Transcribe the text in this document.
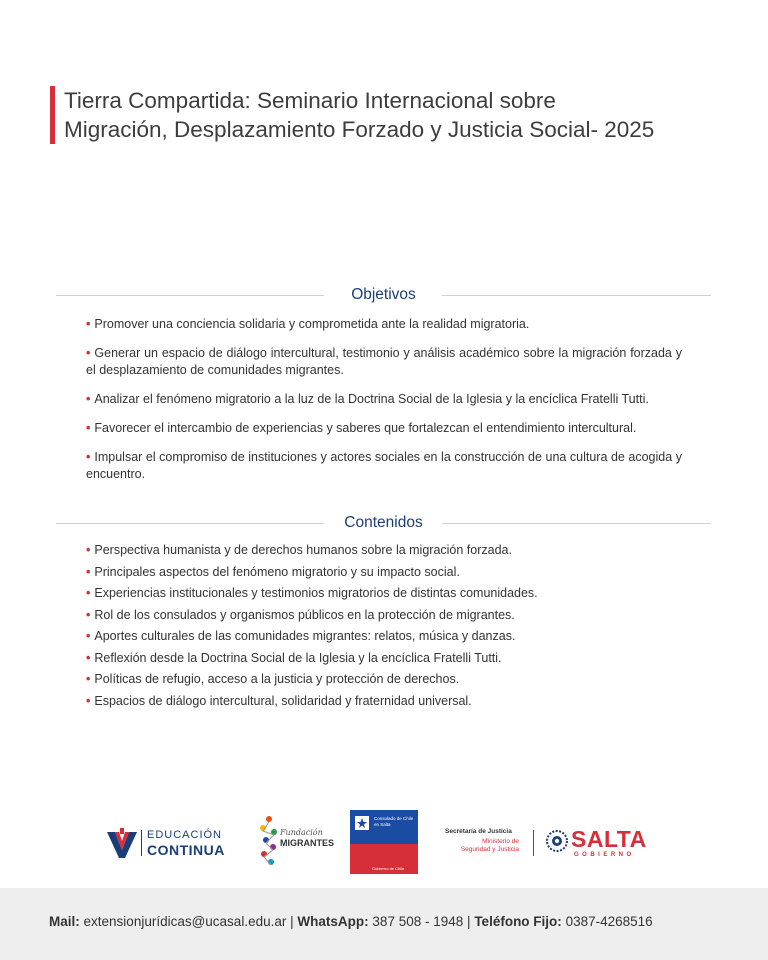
Tierra Compartida: Seminario Internacional sobre
Migración, Desplazamiento Forzado y Justicia Social- 2025
Objetivos
• Promover una conciencia solidaria y comprometida ante la realidad migratoria.
• Generar un espacio de diálogo intercultural, testimonio y análisis académico sobre la migración forzada y el desplazamiento de comunidades migrantes.
• Analizar el fenómeno migratorio a la luz de la Doctrina Social de la Iglesia y la encíclica Fratelli Tutti.
• Favorecer el intercambio de experiencias y saberes que fortalezcan el entendimiento intercultural.
• Impulsar el compromiso de instituciones y actores sociales en la construcción de una cultura de acogida y encuentro.
Contenidos
• Perspectiva humanista y de derechos humanos sobre la migración forzada.
• Principales aspectos del fenómeno migratorio y su impacto social.
• Experiencias institucionales y testimonios migratorios de distintas comunidades.
• Rol de los consulados y organismos públicos en la protección de migrantes.
• Aportes culturales de las comunidades migrantes: relatos, música y danzas.
• Reflexión desde la Doctrina Social de la Iglesia y la encíclica Fratelli Tutti.
• Políticas de refugio, acceso a la justicia y protección de derechos.
• Espacios de diálogo intercultural, solidaridad y fraternidad universal.
EDUCACIÓN
CONTINUA
Fundación
MIGRANTES
Consulado de Chile en Salta
Gobierno de Chile
Secretaría de Justicia
Ministerio de
Seguridad y Justicia SALTA
GOBIERNO
Mail: extensionjurídicas@ucasal.edu.ar | WhatsApp: 387 508 - 1948 | Teléfono Fijo: 0387-4268516
